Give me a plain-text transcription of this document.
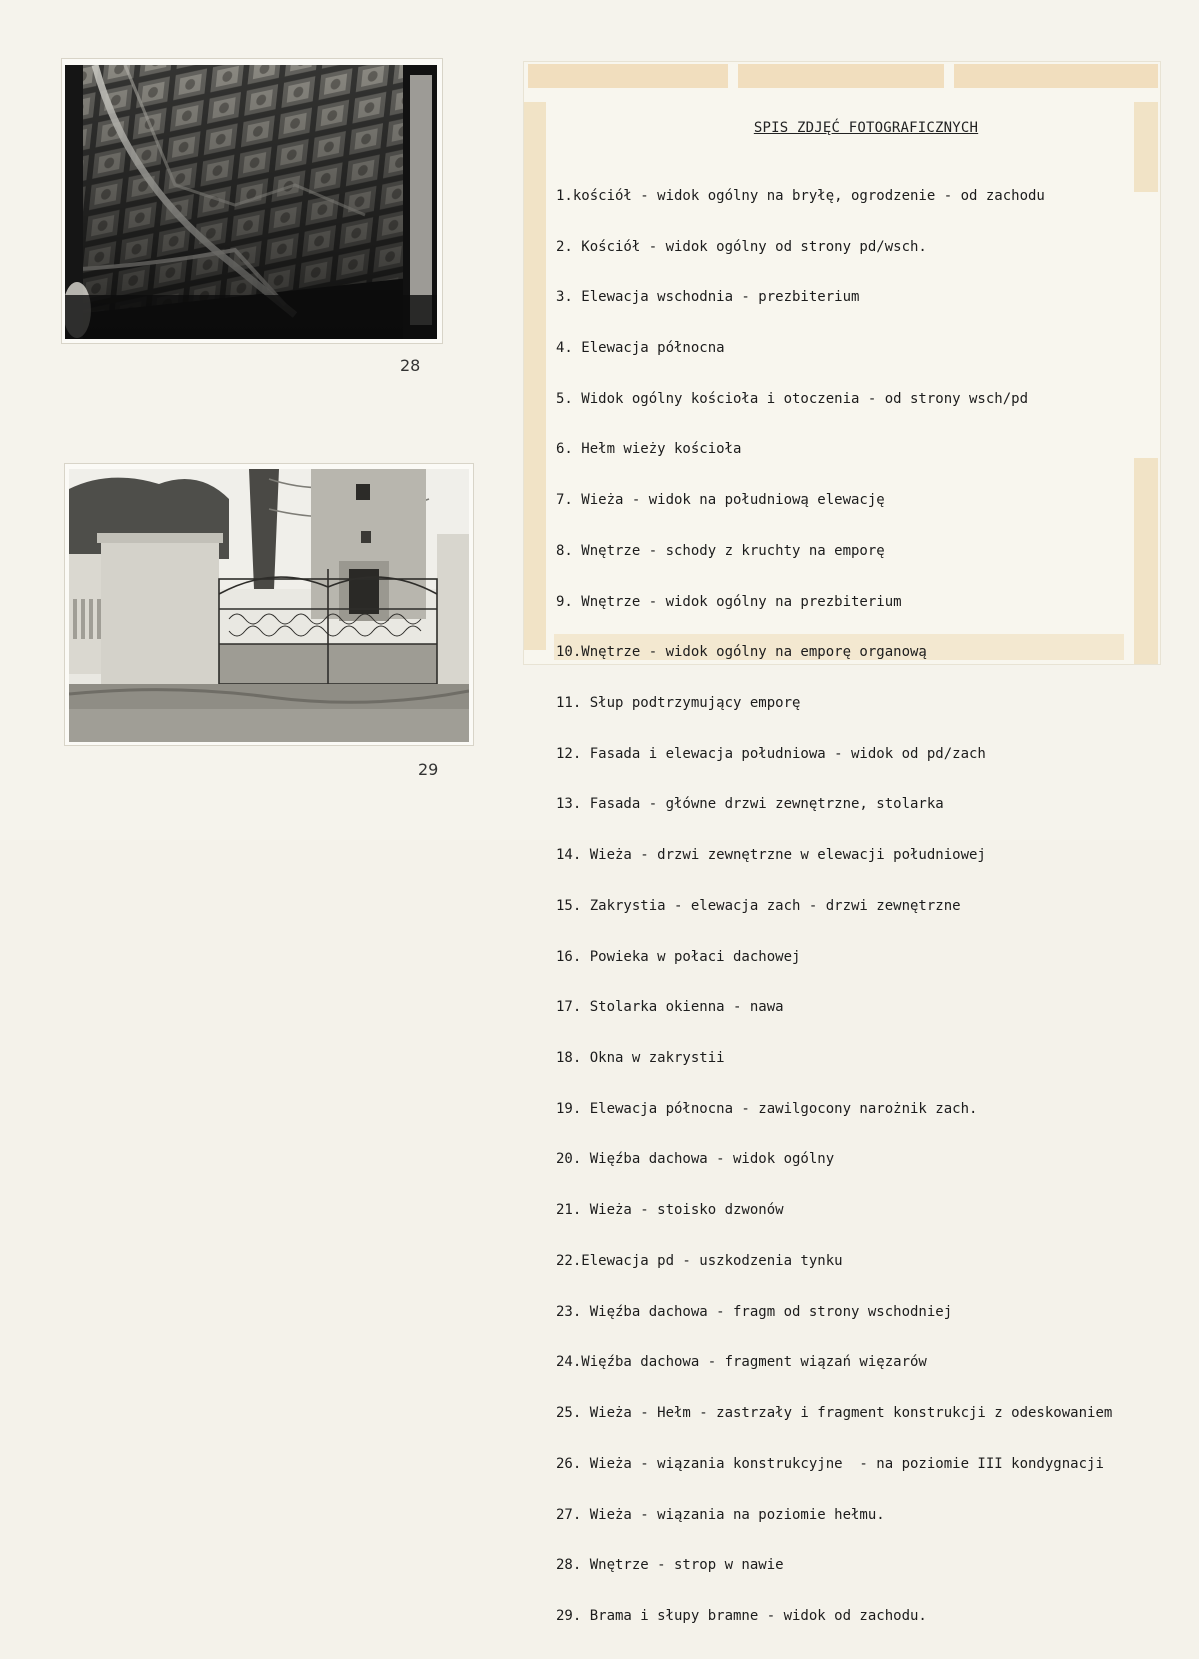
28
29
SPIS ZDJĘĆ FOTOGRAFICZNYCH

1.kościół - widok ogólny na bryłę, ogrodzenie - od zachodu

2. Kościół - widok ogólny od strony pd/wsch.

3. Elewacja wschodnia - prezbiterium

4. Elewacja północna

5. Widok ogólny kościoła i otoczenia - od strony wsch/pd

6. Hełm wieży kościoła

7. Wieża - widok na południową elewację

8. Wnętrze - schody z kruchty na emporę

9. Wnętrze - widok ogólny na prezbiterium

10.Wnętrze - widok ogólny na emporę organową

11. Słup podtrzymujący emporę

12. Fasada i elewacja południowa - widok od pd/zach

13. Fasada - główne drzwi zewnętrzne, stolarka

14. Wieża - drzwi zewnętrzne w elewacji południowej

15. Zakrystia - elewacja zach - drzwi zewnętrzne

16. Powieka w połaci dachowej

17. Stolarka okienna - nawa

18. Okna w zakrystii

19. Elewacja północna - zawilgocony narożnik zach.

20. Więźba dachowa - widok ogólny

21. Wieża - stoisko dzwonów

22.Elewacja pd - uszkodzenia tynku

23. Więźba dachowa - fragm od strony wschodniej

24.Więźba dachowa - fragment wiązań więzarów

25. Wieża - Hełm - zastrzały i fragment konstrukcji z odeskowaniem

26. Wieża - wiązania konstrukcyjne  - na poziomie III kondygnacji

27. Wieża - wiązania na poziomie hełmu.

28. Wnętrze - strop w nawie

29. Brama i słupy bramne - widok od zachodu.
